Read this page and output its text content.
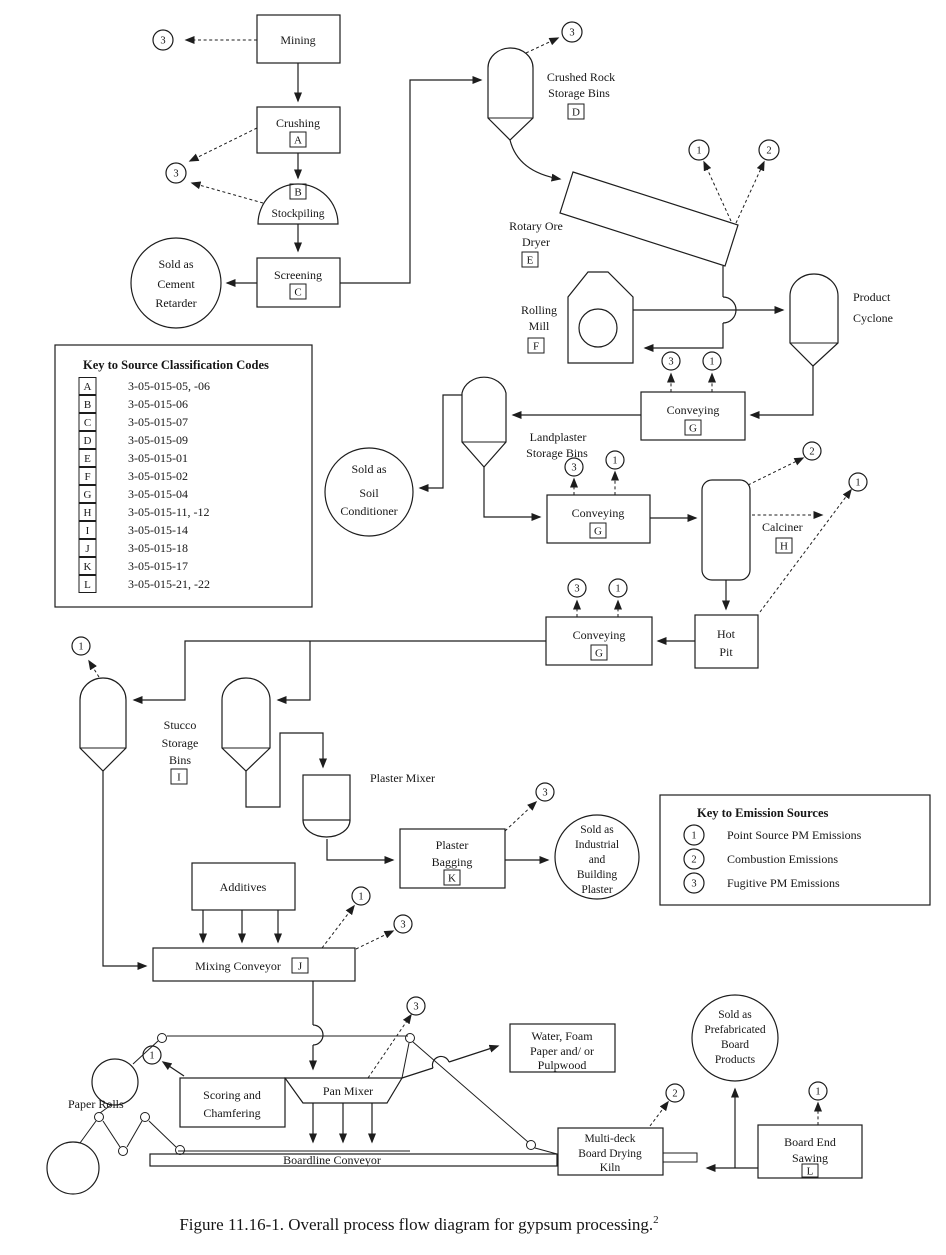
Mining
3
Crushing
A
3
B
Stockpiling
Screening
C
Sold as
Cement
Retarder
Crushed Rock
Storage Bins
D
3
Rotary Ore
Dryer
E
1	2
Rolling
Mill
F
Product
Cyclone
Conveying
G
3	1
Landplaster
Storage Bins
Sold as
Soil
Conditioner	Conveying
G
3
1
Calciner
H
2
1
Hot
Pit
Conveying
G
3	1
1
Stucco
Storage
Bins
I	Plaster Mixer
Plaster
Bagging
K
3
Sold as
Industrial
and
Building
Plaster
Additives
Mixing Conveyor J
1
3
Paper Rolls
Scoring and
Chamfering
1
Pan Mixer
3
Water, Foam
Paper and/ or
Pulpwood
Boardline Conveyor
Multi-deck
Board Drying
Kiln
2
Sold as
Prefabricated
Board
Products
Board End
Sawing
L
1
Key to Source Classification Codes
A	3-05-015-05, -06
B	3-05-015-06
C	3-05-015-07
D	3-05-015-09
E	3-05-015-01
F	3-05-015-02
G	3-05-015-04
H	3-05-015-11, -12
I	3-05-015-14
J	3-05-015-18
K	3-05-015-17
L	3-05-015-21, -22
Key to Emission Sources
1	Point Source PM Emissions
2	Combustion Emissions
3	Fugitive PM Emissions
Figure 11.16-1. Overall process flow diagram for gypsum processing.$^2$
